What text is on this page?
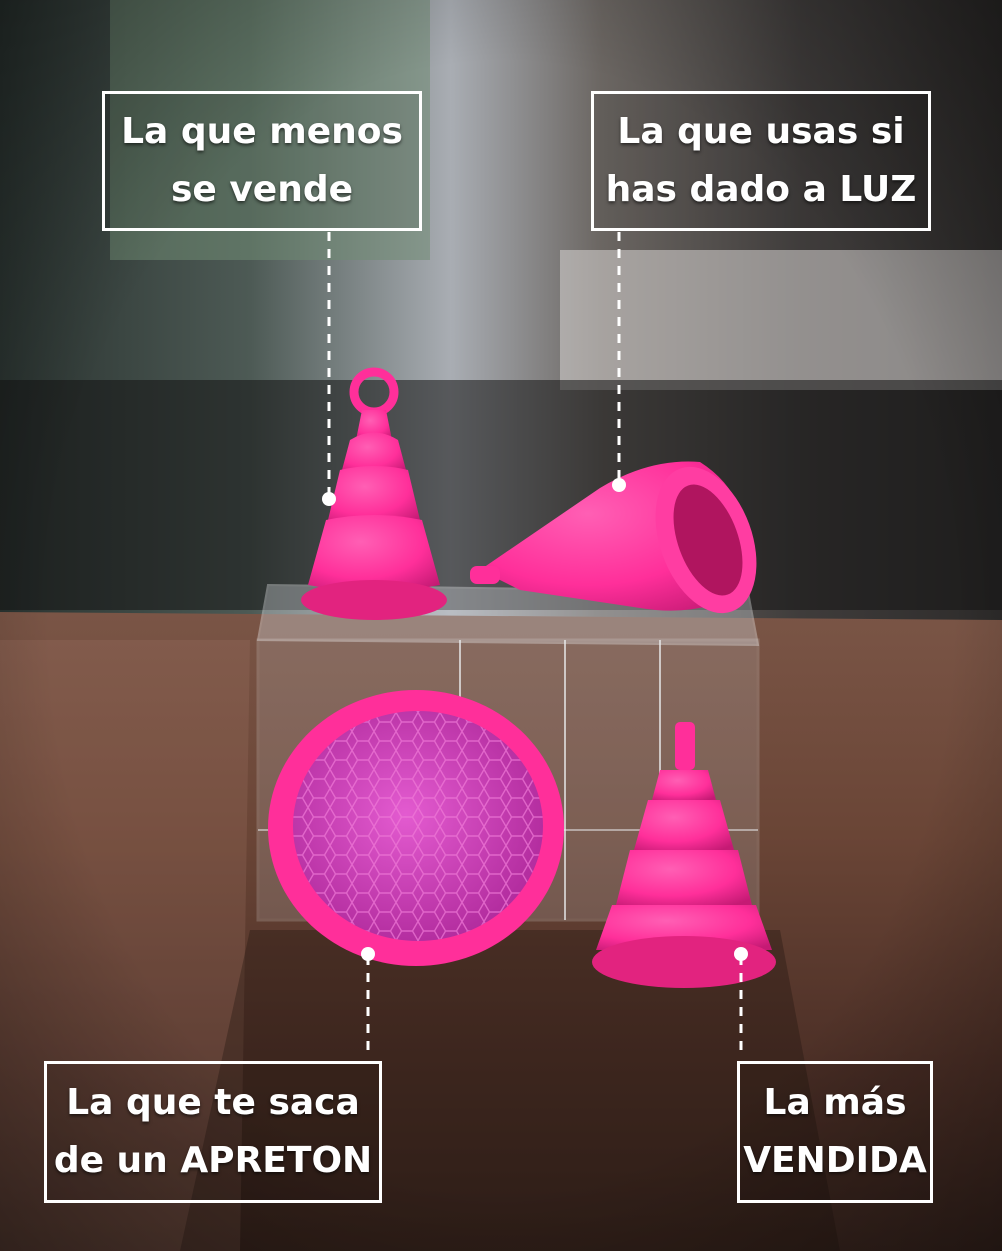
La que menos
se vende
La que usas si
has dado a LUZ
La que te saca
de un APRETON
La más
VENDIDA
